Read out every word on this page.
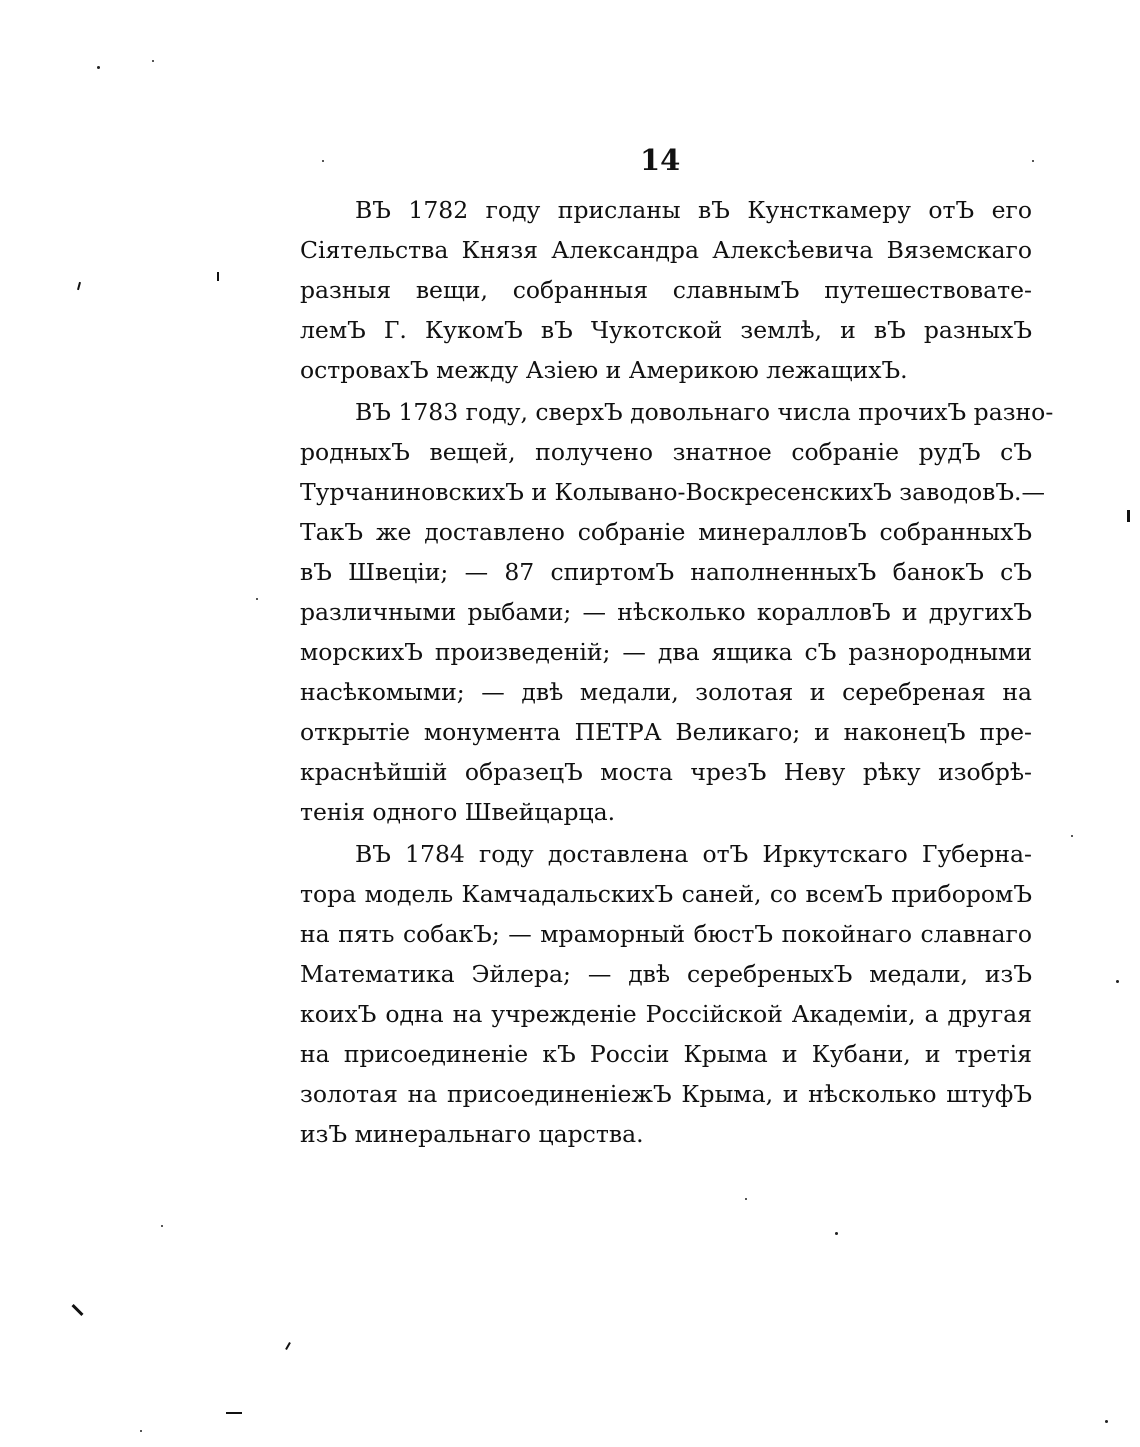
14
ВЪ 1782 году присланы вЪ Кунсткамеру отЪ его
Сіятельства Князя Александра Алексѣевича Вяземскаго
разныя вещи, собранныя славнымЪ путешествовате-
лемЪ Г. КукомЪ вЪ Чукотской землѣ, и вЪ разныхЪ
островахЪ между Азіею и Америкою лежащихЪ.
ВЪ 1783 году, сверхЪ довольнаго числа прочихЪ разно-
родныхЪ вещей, получено знатное собраніе рудЪ сЪ
ТурчаниновскихЪ и Колывано-ВоскресенскихЪ заводовЪ.—
ТакЪ же доставлено собраніе минералловЪ собранныхЪ
вЪ Швеціи; — 87 спиртомЪ наполненныхЪ банокЪ сЪ
различными рыбами; — нѣсколько коралловЪ и другихЪ
морскихЪ произведеній; — два ящика сЪ разнородными
насѣкомыми; — двѣ медали, золотая и серебреная на
открытіе монумента ПЕТРА Великаго; и наконецЪ пре-
краснѣйшій образецЪ моста чрезЪ Неву рѣку изобрѣ-
тенія одного Швейцарца.
ВЪ 1784 году доставлена отЪ Иркутскаго Губерна-
тора модель КамчадальскихЪ саней, со всемЪ приборомЪ
на пять собакЪ; — мраморный бюстЪ покойнаго славнаго
Математика Эйлера; — двѣ серебреныхЪ медали, изЪ
коихЪ одна на учрежденіе Россійской Академіи, а другая
на присоединеніе кЪ Россіи Крыма и Кубани, и третія
золотая на присоединеніежЪ Крыма, и нѣсколько штуфЪ
изЪ минеральнаго царства.
